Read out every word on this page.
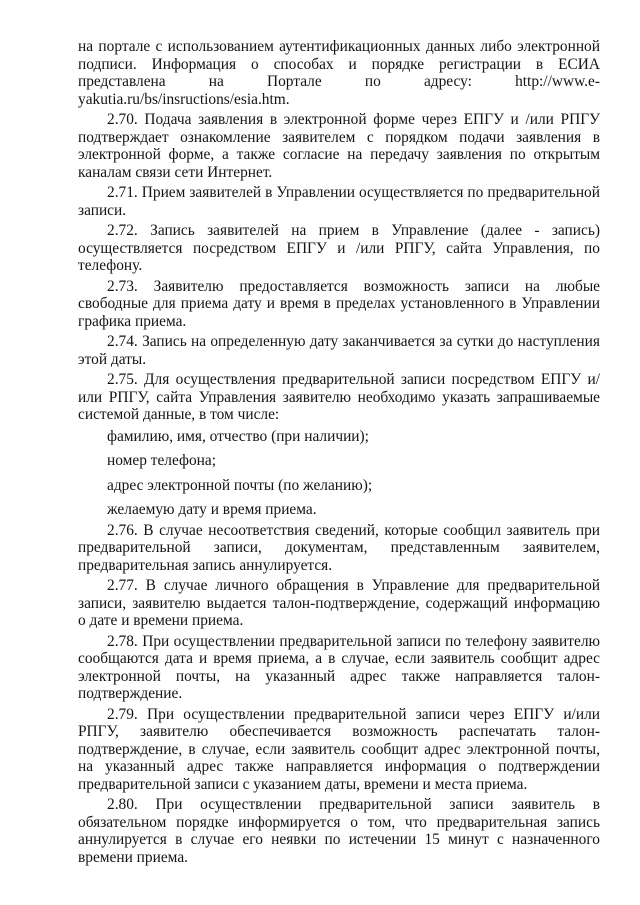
на портале с использованием аутентификационных данных либо электронной подписи. Информация о способах и порядке регистрации в ЕСИА представлена на Портале по адресу: http://www.e-yakutia.ru/bs/insructions/esia.htm.

2.70. Подача заявления в электронной форме через ЕПГУ и /или РПГУ подтверждает ознакомление заявителем с порядком подачи заявления в электронной форме, а также согласие на передачу заявления по открытым каналам связи сети Интернет.

2.71. Прием заявителей в Управлении осуществляется по предварительной записи.

2.72. Запись заявителей на прием в Управление (далее - запись) осуществляется посредством ЕПГУ и /или РПГУ, сайта Управления, по телефону.

2.73. Заявителю предоставляется возможность записи на любые свободные для приема дату и время в пределах установленного в Управлении графика приема.

2.74. Запись на определенную дату заканчивается за сутки до наступления этой даты.

2.75. Для осуществления предварительной записи посредством ЕПГУ и/или РПГУ, сайта Управления заявителю необходимо указать запрашиваемые системой данные, в том числе:

фамилию, имя, отчество (при наличии);

номер телефона;

адрес электронной почты (по желанию);

желаемую дату и время приема.

2.76. В случае несоответствия сведений, которые сообщил заявитель при предварительной записи, документам, представленным заявителем, предварительная запись аннулируется.

2.77. В случае личного обращения в Управление для предварительной записи, заявителю выдается талон-подтверждение, содержащий информацию о дате и времени приема.

2.78. При осуществлении предварительной записи по телефону заявителю сообщаются дата и время приема, а в случае, если заявитель сообщит адрес электронной почты, на указанный адрес также направляется талон-подтверждение.

2.79. При осуществлении предварительной записи через ЕПГУ и/или РПГУ, заявителю обеспечивается возможность распечатать талон-подтверждение, в случае, если заявитель сообщит адрес электронной почты, на указанный адрес также направляется информация о подтверждении предварительной записи с указанием даты, времени и места приема.

2.80. При осуществлении предварительной записи заявитель в обязательном порядке информируется о том, что предварительная запись аннулируется в случае его неявки по истечении 15 минут с назначенного времени приема.
